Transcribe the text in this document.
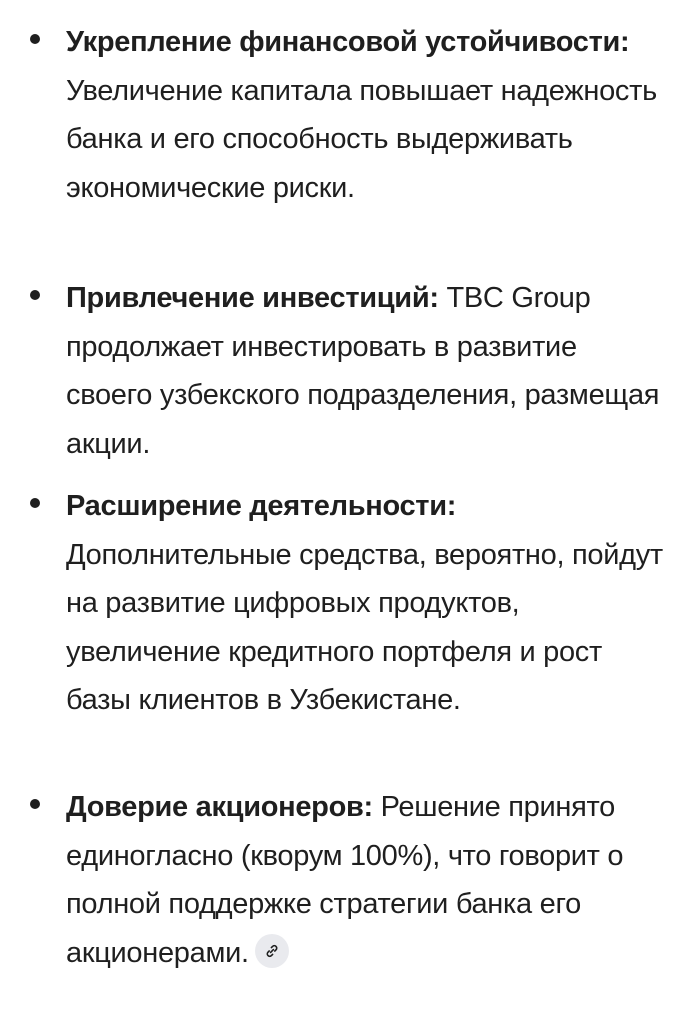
Укрепление финансовой устойчивости: Увеличение капитала повышает надежность банка и его способность выдерживать экономические риски.

Привлечение инвестиций: TBC Group продолжает инвестировать в развитие своего узбекского подразделения, размещая акции.

Расширение деятельности: Дополнительные средства, вероятно, пойдут на развитие цифровых продуктов, увеличение кредитного портфеля и рост базы клиентов в Узбекистане.

Доверие акционеров: Решение принято единогласно (кворум 100%), что говорит о полной поддержке стратегии банка его акционерами.
